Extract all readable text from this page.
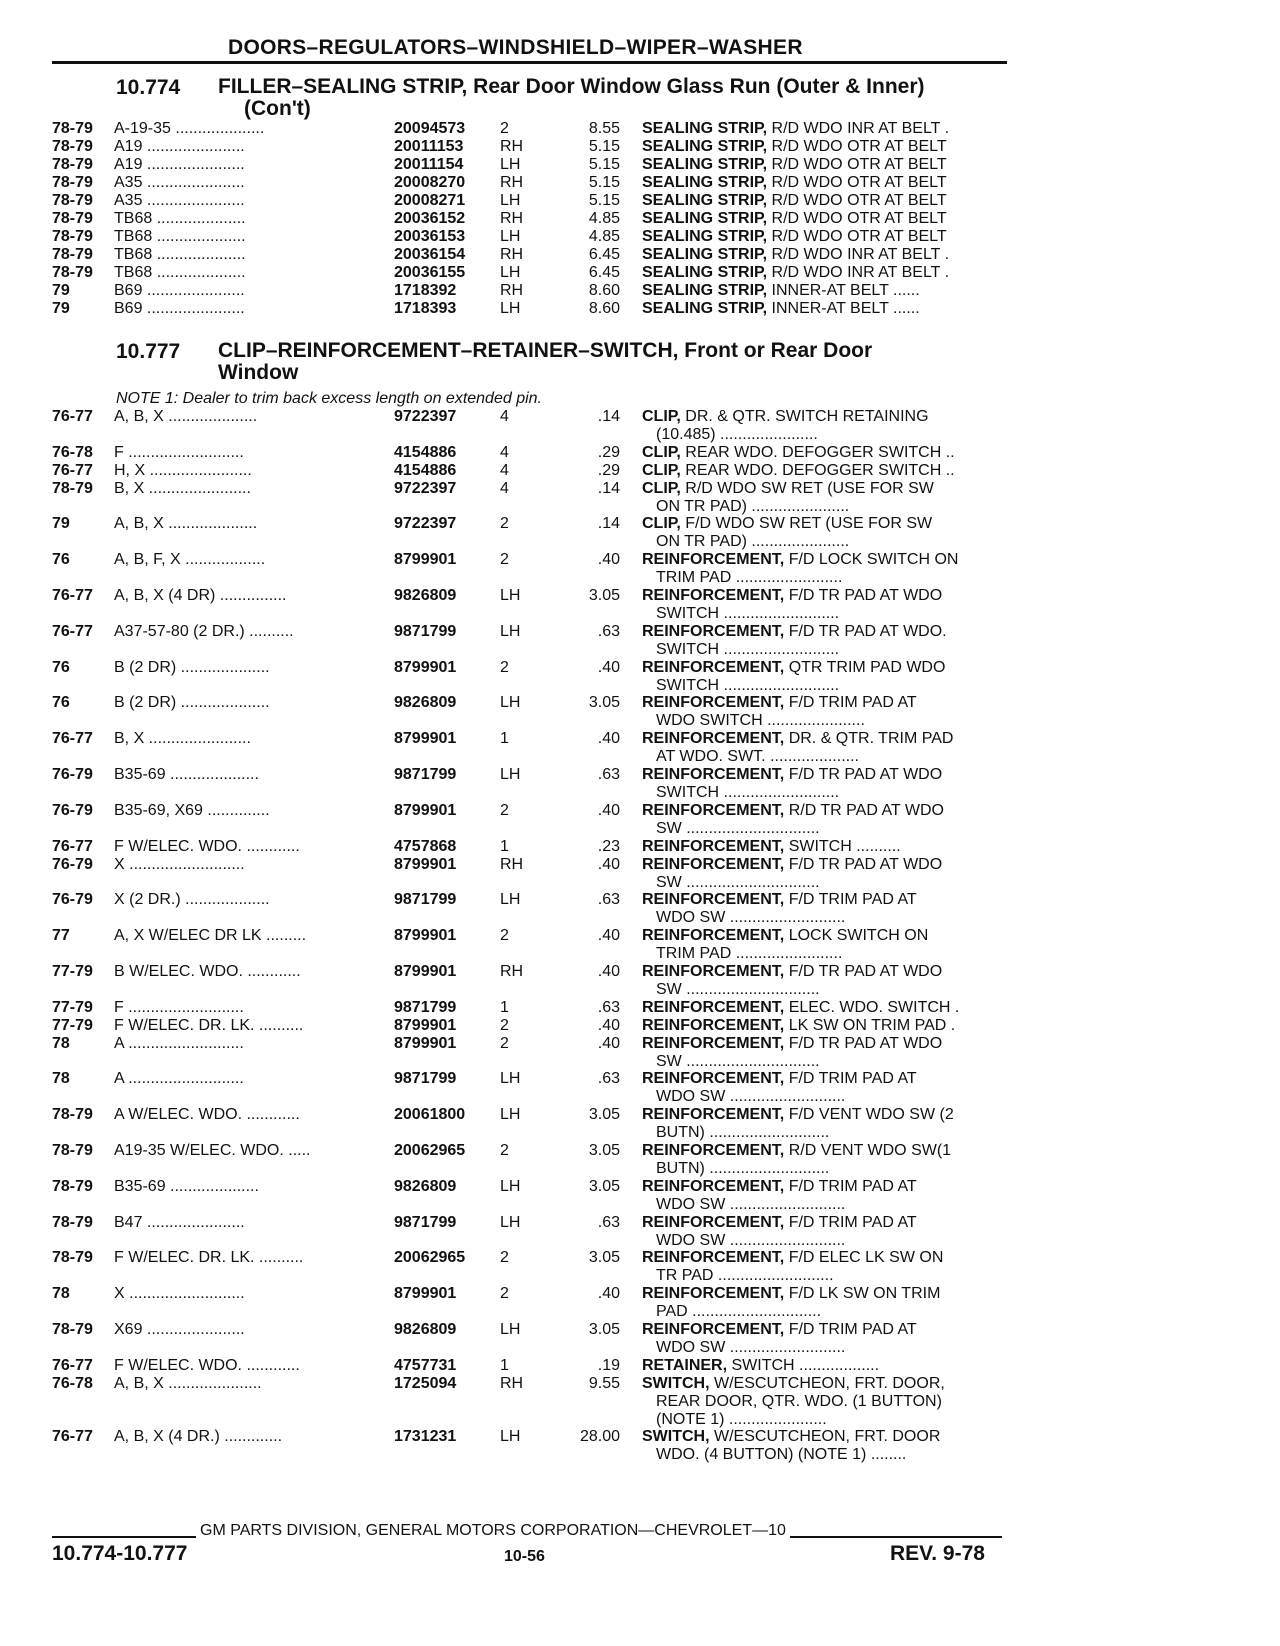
DOORS–REGULATORS–WINDSHIELD–WIPER–WASHER
10.774 FILLER–SEALING STRIP, Rear Door Window Glass Run (Outer & Inner)
(Con't)
78-79	A-19-35 ....................	20094573	2	8.55 SEALING STRIP, R/D WDO INR AT BELT .
78-79	A19 ......................	20011153	RH	5.15 SEALING STRIP, R/D WDO OTR AT BELT
78-79	A19 ......................	20011154	LH	5.15 SEALING STRIP, R/D WDO OTR AT BELT
78-79	A35 ......................	20008270	RH	5.15 SEALING STRIP, R/D WDO OTR AT BELT
78-79	A35 ......................	20008271	LH	5.15 SEALING STRIP, R/D WDO OTR AT BELT
78-79	TB68 ....................	20036152	RH	4.85 SEALING STRIP, R/D WDO OTR AT BELT
78-79	TB68 ....................	20036153	LH	4.85 SEALING STRIP, R/D WDO OTR AT BELT
78-79	TB68 ....................	20036154	RH	6.45 SEALING STRIP, R/D WDO INR AT BELT .
78-79	TB68 ....................	20036155	LH	6.45 SEALING STRIP, R/D WDO INR AT BELT .
79	B69 ......................	1718392	RH	8.60 SEALING STRIP, INNER-AT BELT ......
79	B69 ......................	1718393	LH	8.60 SEALING STRIP, INNER-AT BELT ......
10.777 CLIP–REINFORCEMENT–RETAINER–SWITCH, Front or Rear Door
Window
NOTE 1: Dealer to trim back excess length on extended pin.
76-77	A, B, X ....................	9722397	4	.14 CLIP, DR. & QTR. SWITCH RETAINING
(10.485) ......................
76-78	F ..........................	4154886	4	.29 CLIP, REAR WDO. DEFOGGER SWITCH ..
76-77	H, X .......................	4154886	4	.29 CLIP, REAR WDO. DEFOGGER SWITCH ..
78-79	B, X .......................	9722397	4	.14 CLIP, R/D WDO SW RET (USE FOR SW
ON TR PAD) ......................
79	A, B, X ....................	9722397	2	.14 CLIP, F/D WDO SW RET (USE FOR SW
ON TR PAD) ......................
76	A, B, F, X ..................	8799901	2	.40 REINFORCEMENT, F/D LOCK SWITCH ON
TRIM PAD ........................
76-77	A, B, X (4 DR) ...............	9826809	LH	3.05 REINFORCEMENT, F/D TR PAD AT WDO
SWITCH ..........................
76-77	A37-57-80 (2 DR.) ..........	9871799	LH	.63 REINFORCEMENT, F/D TR PAD AT WDO.
SWITCH ..........................
76	B (2 DR) ....................	8799901	2	.40 REINFORCEMENT, QTR TRIM PAD WDO
SWITCH ..........................
76	B (2 DR) ....................	9826809	LH	3.05 REINFORCEMENT, F/D TRIM PAD AT
WDO SWITCH ......................
76-77	B, X .......................	8799901	1	.40 REINFORCEMENT, DR. & QTR. TRIM PAD
AT WDO. SWT. ....................
76-79	B35-69 ....................	9871799	LH	.63 REINFORCEMENT, F/D TR PAD AT WDO
SWITCH ..........................
76-79	B35-69, X69 ..............	8799901	2	.40 REINFORCEMENT, R/D TR PAD AT WDO
SW ..............................
76-77	F W/ELEC. WDO. ............	4757868	1	.23 REINFORCEMENT, SWITCH ..........
76-79	X ..........................	8799901	RH	.40 REINFORCEMENT, F/D TR PAD AT WDO
SW ..............................
76-79	X (2 DR.) ...................	9871799	LH	.63 REINFORCEMENT, F/D TRIM PAD AT
WDO SW ..........................
77	A, X W/ELEC DR LK .........	8799901	2	.40 REINFORCEMENT, LOCK SWITCH ON
TRIM PAD ........................
77-79	B W/ELEC. WDO. ............	8799901	RH	.40 REINFORCEMENT, F/D TR PAD AT WDO
SW ..............................
77-79	F ..........................	9871799	1	.63 REINFORCEMENT, ELEC. WDO. SWITCH .
77-79	F W/ELEC. DR. LK. ..........	8799901	2	.40 REINFORCEMENT, LK SW ON TRIM PAD .
78	A ..........................	8799901	2	.40 REINFORCEMENT, F/D TR PAD AT WDO
SW ..............................
78	A ..........................	9871799	LH	.63 REINFORCEMENT, F/D TRIM PAD AT
WDO SW ..........................
78-79	A W/ELEC. WDO. ............	20061800	LH	3.05 REINFORCEMENT, F/D VENT WDO SW (2
BUTN) ...........................
78-79	A19-35 W/ELEC. WDO. .....	20062965	2	3.05 REINFORCEMENT, R/D VENT WDO SW(1
BUTN) ...........................
78-79	B35-69 ....................	9826809	LH	3.05 REINFORCEMENT, F/D TRIM PAD AT
WDO SW ..........................
78-79	B47 ......................	9871799	LH	.63 REINFORCEMENT, F/D TRIM PAD AT
WDO SW ..........................
78-79	F W/ELEC. DR. LK. ..........	20062965	2	3.05 REINFORCEMENT, F/D ELEC LK SW ON
TR PAD ..........................
78	X ..........................	8799901	2	.40 REINFORCEMENT, F/D LK SW ON TRIM
PAD .............................
78-79	X69 ......................	9826809	LH	3.05 REINFORCEMENT, F/D TRIM PAD AT
WDO SW ..........................
76-77	F W/ELEC. WDO. ............	4757731	1	.19 RETAINER, SWITCH ..................
76-78	A, B, X .....................	1725094	RH	9.55 SWITCH, W/ESCUTCHEON, FRT. DOOR,
REAR DOOR, QTR. WDO. (1 BUTTON)
(NOTE 1) ......................
76-77	A, B, X (4 DR.) .............	1731231	LH	28.00 SWITCH, W/ESCUTCHEON, FRT. DOOR
WDO. (4 BUTTON) (NOTE 1) ........
GM PARTS DIVISION, GENERAL MOTORS CORPORATION—CHEVROLET—10
10.774-10.777	10-56	REV. 9-78
